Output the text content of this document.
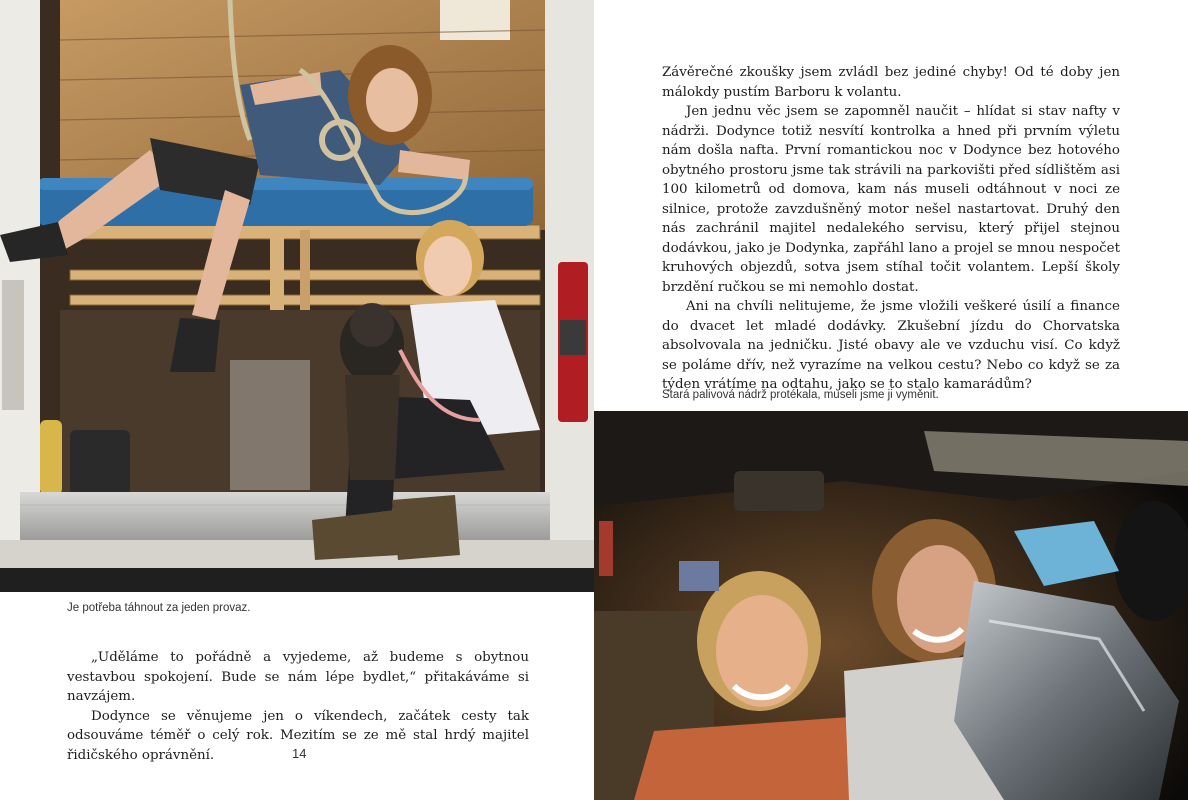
Je potřeba táhnout za jeden provaz.

„Uděláme to pořádně a vyjedeme, až budeme s obytnou vestavbou spokojení. Bude se nám lépe bydlet,“ přitakáváme si navzájem.

Dodynce se věnujeme jen o víkendech, začátek cesty tak odsouváme téměř o celý rok. Mezitím se ze mě stal hrdý majitel řidičského oprávnění.	14

Závěrečné zkoušky jsem zvládl bez jediné chyby! Od té doby jen málokdy pustím Barboru k volantu.

Jen jednu věc jsem se zapomněl naučit – hlídat si stav nafty v nádrži. Dodynce totiž nesvítí kontrolka a hned při prvním výletu nám došla nafta. První romantickou noc v Dodynce bez hotového obytného prostoru jsme tak strávili na parkovišti před sídlištěm asi 100 kilometrů od domova, kam nás museli odtáhnout v noci ze silnice, protože zavzdušněný motor nešel nastartovat. Druhý den nás zachránil majitel nedalekého servisu, který přijel stejnou dodávkou, jako je Dodynka, zapřáhl lano a projel se mnou nespočet kruhových objezdů, sotva jsem stíhal točit volantem. Lepší školy brzdění ručkou se mi nemohlo dostat.

Ani na chvíli nelitujeme, že jsme vložili veškeré úsilí a finance do dvacet let mladé dodávky. Zkušební jízdu do Chorvatska absolvovala na jedničku. Jisté obavy ale ve vzduchu visí. Co když se poláme dřív, než vyrazíme na velkou cestu? Nebo co když se za týden vrátíme na odtahu, jako se to stalo kamarádům?

Stará palivová nádrž protékala, museli jsme ji vyměnit.
